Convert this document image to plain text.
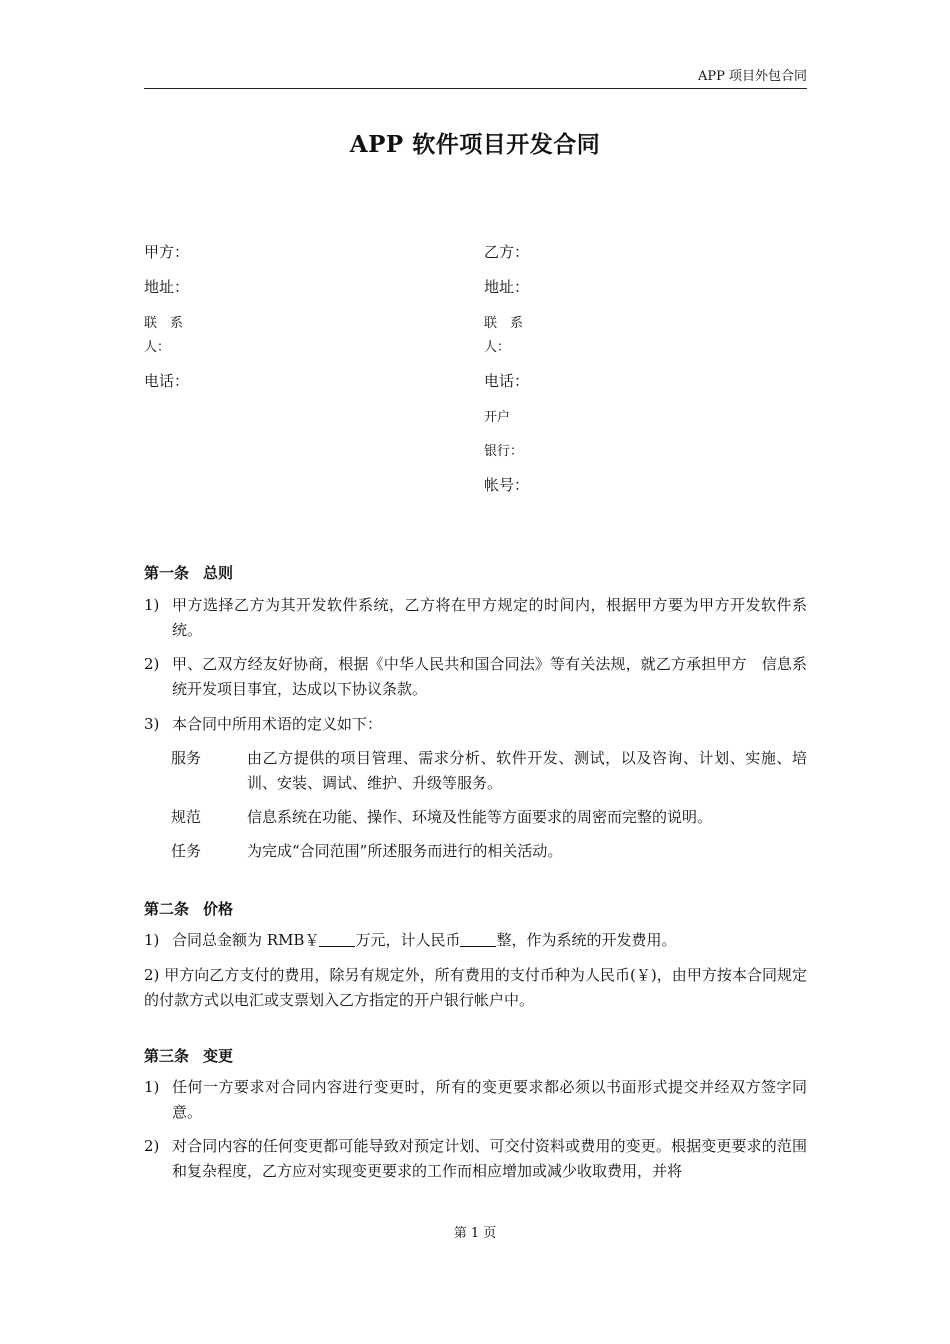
APP 项目外包合同
APP 软件项目开发合同
甲方：
地址：
联　系
人：
电话：
乙方：
地址：
联　系
人：
电话：
开户
银行：
帐号：
第一条 总则
1) 甲方选择乙方为其开发软件系统，乙方将在甲方规定的时间内，根据甲方要为甲方开发软件系统。
2) 甲、乙双方经友好协商，根据《中华人民共和国合同法》等有关法规，就乙方承担甲方　信息系统开发项目事宜，达成以下协议条款。
3) 本合同中所用术语的定义如下：
服务	由乙方提供的项目管理、需求分析、软件开发、测试，以及咨询、计划、实施、培训、安装、调试、维护、升级等服务。
规范	信息系统在功能、操作、环境及性能等方面要求的周密而完整的说明。
任务	为完成“合同范围”所述服务而进行的相关活动。
第二条 价格
1) 合同总金额为 RMB￥ 万元，计人民币 整，作为系统的开发费用。
2) 甲方向乙方支付的费用，除另有规定外，所有费用的支付币种为人民币(￥)，由甲方按本合同规定的付款方式以电汇或支票划入乙方指定的开户银行帐户中。
第三条 变更
1) 任何一方要求对合同内容进行变更时，所有的变更要求都必须以书面形式提交并经双方签字同意。
2) 对合同内容的任何变更都可能导致对预定计划、可交付资料或费用的变更。根据变更要求的范围和复杂程度，乙方应对实现变更要求的工作而相应增加或减少收取费用，并将
第 1 页
